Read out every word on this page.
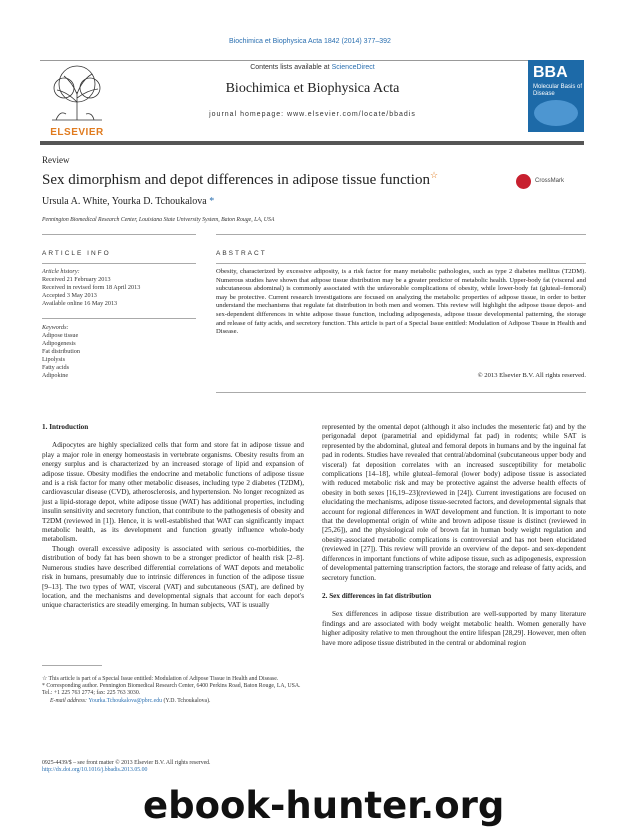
Biochimica et Biophysica Acta 1842 (2014) 377–392
ELSEVIER
Contents lists available at ScienceDirect
Biochimica et Biophysica Acta
journal homepage: www.elsevier.com/locate/bbadis
BBA
Molecular Basis of Disease
Review
Sex dimorphism and depot differences in adipose tissue function☆
CrossMark
Ursula A. White, Yourka D. Tchoukalova *
Pennington Biomedical Research Center, Louisiana State University System, Baton Rouge, LA, USA
ARTICLE INFO	ABSTRACT
Article history:
Received 21 February 2013
Received in revised form 18 April 2013
Accepted 3 May 2013
Available online 16 May 2013
Keywords:
Adipose tissue
Adipogenesis
Fat distribution
Lipolysis
Fatty acids
Adipokine
Obesity, characterized by excessive adiposity, is a risk factor for many metabolic pathologies, such as type 2 diabetes mellitus (T2DM). Numerous studies have shown that adipose tissue distribution may be a greater predictor of metabolic health. Upper-body fat (visceral and subcutaneous abdominal) is commonly associated with the unfavorable complications of obesity, while lower-body fat (gluteal–femoral) may be protective. Current research investigations are focused on analyzing the metabolic properties of adipose tissue, in order to better understand the mechanisms that regulate fat distribution in both men and women. This review will highlight the adipose tissue depot- and sex-dependent differences in white adipose tissue function, including adipogenesis, adipose tissue developmental patterning, the storage and release of fatty acids, and secretory function. This article is part of a Special Issue entitled: Modulation of Adipose Tissue in Health and Disease.
© 2013 Elsevier B.V. All rights reserved.
1. Introduction

Adipocytes are highly specialized cells that form and store fat in adipose tissue and play a major role in energy homeostasis in vertebrate organisms. Obesity results from an energy surplus and is characterized by an increased storage of lipid and expansion of adipose tissue. Obesity modifies the endocrine and metabolic functions of adipose tissue and is a risk factor for many other metabolic diseases, including type 2 diabetes (T2DM), cardiovascular disease (CVD), atherosclerosis, and hypertension. No longer recognized as just a lipid-storage depot, white adipose tissue (WAT) has additional properties, including insulin sensitivity and secretory function, that contribute to the pathogenesis of obesity and T2DM (reviewed in [1]). Hence, it is well-established that WAT can significantly impact metabolic health, as its development and function greatly influence whole-body metabolism.

Though overall excessive adiposity is associated with serious co-morbidities, the distribution of body fat has been shown to be a stronger predictor of health risk [2–8]. Numerous studies have described differential correlations of WAT depots and metabolic risk in humans, presumably due to intrinsic differences in function of the adipose tissue [9–13]. The two types of WAT, visceral (VAT) and subcutaneous (SAT), are defined by location, and the mechanisms and developmental signals that account for each depot's unique characteristics are steadily emerging. In human subjects, VAT is usually

☆ This article is part of a Special Issue entitled: Modulation of Adipose Tissue in Health and Disease.
* Corresponding author. Pennington Biomedical Research Center, 6400 Perkins Road, Baton Rouge, LA, USA. Tel.: +1 225 763 2774; fax: 225 763 3030.
E-mail address: Yourka.Tchoukalova@pbrc.edu (Y.D. Tchoukalova).
0925-4439/$ – see front matter © 2013 Elsevier B.V. All rights reserved.
http://dx.doi.org/10.1016/j.bbadis.2013.05.00

represented by the omental depot (although it also includes the mesenteric fat) and by the perigonadal depot (parametrial and epididymal fat pad) in rodents; while SAT is represented by the abdominal, gluteal and femoral depots in humans and by the inguinal fat pad in rodents. Studies have revealed that central/abdominal (subcutaneous upper body and visceral) fat deposition correlates with an increased susceptibility for metabolic complications [14–18], while gluteal–femoral (lower body) adipose tissue is associated with reduced metabolic risk and may be protective against the adverse health effects of obesity in both sexes [16,19–23](reviewed in [24]). Current investigations are focused on elucidating the mechanisms, adipose tissue-secreted factors, and developmental signals that account for regional differences in WAT development and function. It is important to note that the developmental origin of white and brown adipose tissue is distinct (reviewed in [25,26]), and the physiological role of brown fat in human body weight regulation and obesity-associated metabolic complications is controversial and has not been elucidated (reviewed in [27]). This review will provide an overview of the depot- and sex-dependent differences in important functions of white adipose tissue, such as adipogenesis, expression of developmental patterning transcription factors, the storage and release of fatty acids, and secretory function.

2. Sex differences in fat distribution

Sex differences in adipose tissue distribution are well-supported by many literature findings and are associated with body weight metabolic health. Women generally have higher adiposity relative to men throughout the entire lifespan [28,29]. However, men often have more adipose tissue distributed in the central or abdominal region

ebook-hunter.org
